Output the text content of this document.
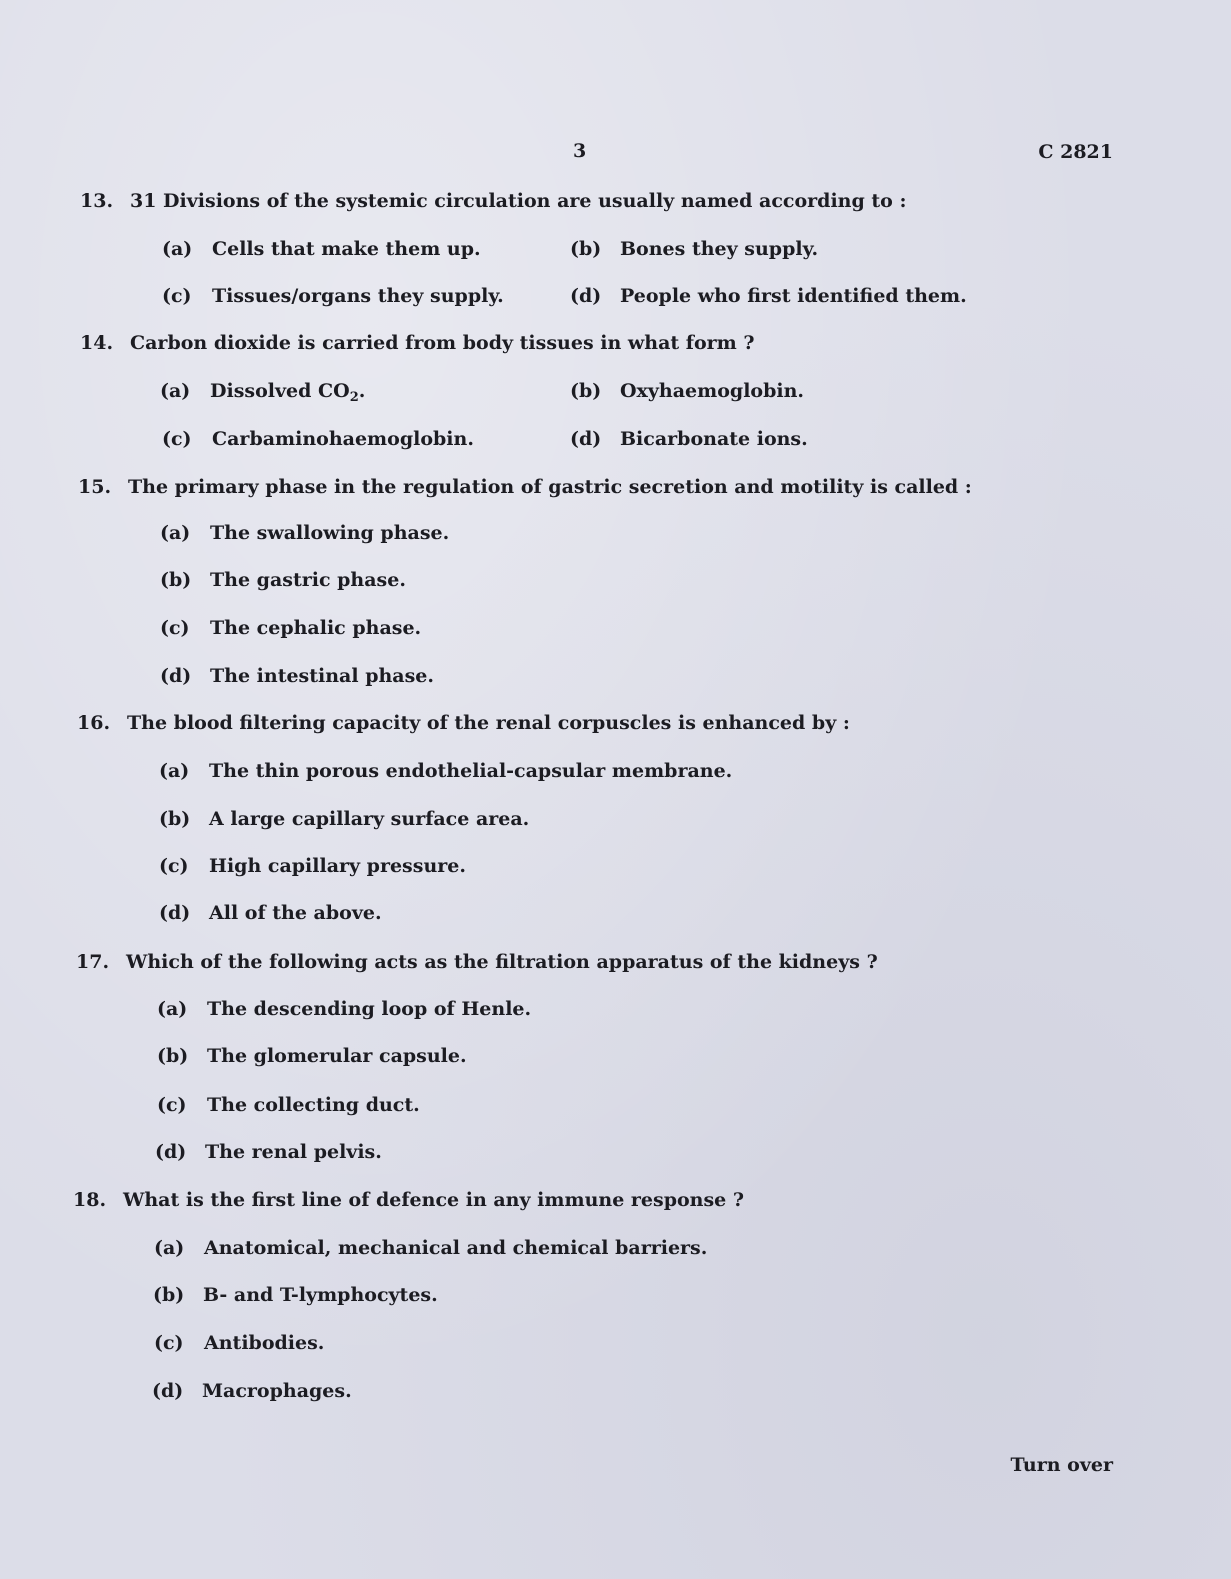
3	C 2821
13. 31 Divisions of the systemic circulation are usually named according to :
(a) Cells that make them up.	(b) Bones they supply.
(c) Tissues/organs they supply.	(d) People who first identified them.
14. Carbon dioxide is carried from body tissues in what form ?
(a) Dissolved $CO_2$.	(b) Oxyhaemoglobin.
(c) Carbaminohaemoglobin.	(d) Bicarbonate ions.
15. The primary phase in the regulation of gastric secretion and motility is called :
(a) The swallowing phase.
(b) The gastric phase.
(c) The cephalic phase.
(d) The intestinal phase.
16. The blood filtering capacity of the renal corpuscles is enhanced by :
(a) The thin porous endothelial-capsular membrane.
(b) A large capillary surface area.
(c) High capillary pressure.
(d) All of the above.
17. Which of the following acts as the filtration apparatus of the kidneys ?
(a) The descending loop of Henle.
(b) The glomerular capsule.
(c) The collecting duct.
(d) The renal pelvis.
18. What is the first line of defence in any immune response ?
(a) Anatomical, mechanical and chemical barriers.
(b) B- and T-lymphocytes.
(c) Antibodies.
(d) Macrophages.
Turn over
